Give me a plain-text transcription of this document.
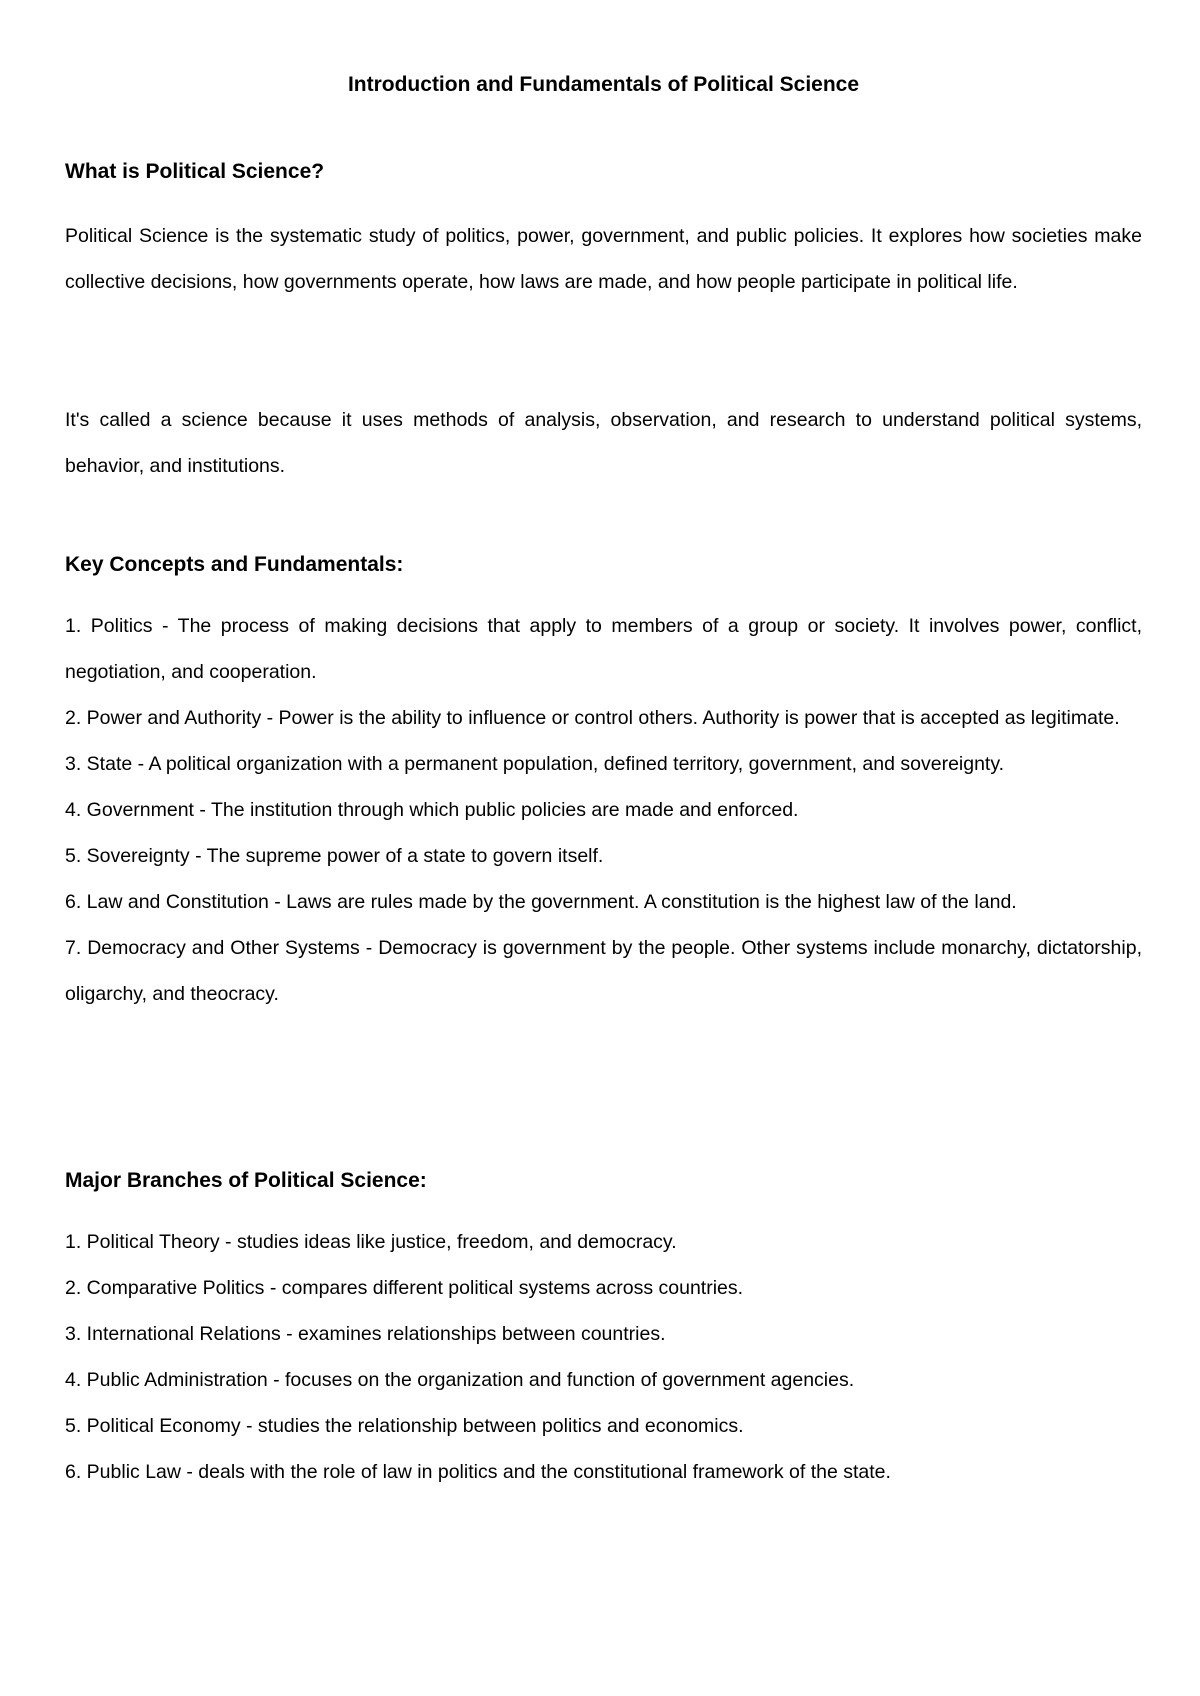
Introduction and Fundamentals of Political Science
What is Political Science?

Political Science is the systematic study of politics, power, government, and public policies. It explores how societies make collective decisions, how governments operate, how laws are made, and how people participate in political life.

It's called a science because it uses methods of analysis, observation, and research to understand political systems, behavior, and institutions.

Key Concepts and Fundamentals:
1. Politics - The process of making decisions that apply to members of a group or society. It involves power, conflict, negotiation, and cooperation.
2. Power and Authority - Power is the ability to influence or control others. Authority is power that is accepted as legitimate.
3. State - A political organization with a permanent population, defined territory, government, and sovereignty.
4. Government - The institution through which public policies are made and enforced.
5. Sovereignty - The supreme power of a state to govern itself.
6. Law and Constitution - Laws are rules made by the government. A constitution is the highest law of the land.
7. Democracy and Other Systems - Democracy is government by the people. Other systems include monarchy, dictatorship, oligarchy, and theocracy.
Major Branches of Political Science:
1. Political Theory - studies ideas like justice, freedom, and democracy.
2. Comparative Politics - compares different political systems across countries.
3. International Relations - examines relationships between countries.
4. Public Administration - focuses on the organization and function of government agencies.
5. Political Economy - studies the relationship between politics and economics.
6. Public Law - deals with the role of law in politics and the constitutional framework of the state.
